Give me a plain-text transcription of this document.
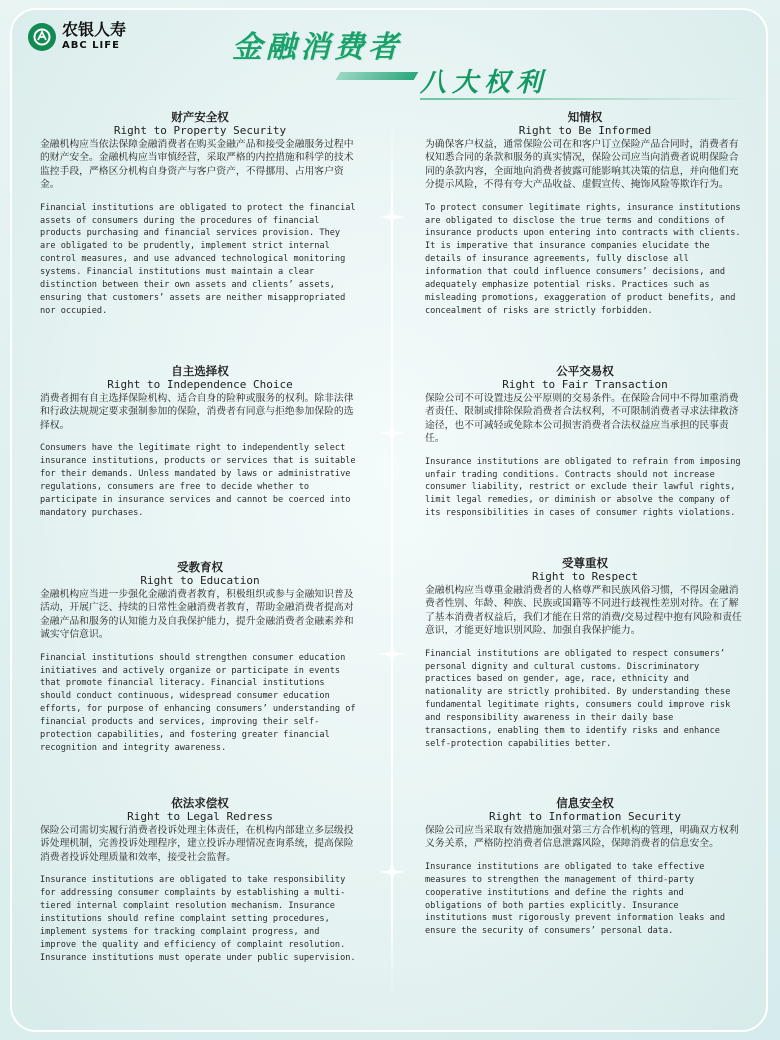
农银人寿
ABC LIFE	金融消费者
八大权利
财产安全权
Right to Property Security

金融机构应当依法保障金融消费者在购买金融产品和接受金融服务过程中的财产安全。金融机构应当审慎经营，采取严格的内控措施和科学的技术监控手段，严格区分机构自身资产与客户资产，不得挪用、占用客户资金。

Financial institutions are obligated to protect the financial assets of consumers during the procedures of financial products purchasing and financial services provision. They are obligated to be prudently, implement strict internal control measures, and use advanced technological monitoring systems. Financial institutions must maintain a clear distinction between their own assets and clients’ assets, ensuring that customers’ assets are neither misappropriated nor occupied.

知情权
Right to Be Informed

为确保客户权益，通常保险公司在和客户订立保险产品合同时，消费者有权知悉合同的条款和服务的真实情况，保险公司应当向消费者说明保险合同的条款内容，全面地向消费者披露可能影响其决策的信息，并向他们充分提示风险，不得有夸大产品收益、虚假宣传、掩饰风险等欺诈行为。

To protect consumer legitimate rights, insurance institutions are obligated to disclose the true terms and conditions of insurance products upon entering into contracts with clients. It is imperative that insurance companies elucidate the details of insurance agreements, fully disclose all information that could influence consumers’ decisions, and adequately emphasize potential risks. Practices such as misleading promotions, exaggeration of product benefits, and concealment of risks are strictly forbidden.

自主选择权
Right to Independence Choice

消费者拥有自主选择保险机构、适合自身的险种或服务的权利。除非法律和行政法规规定要求强制参加的保险，消费者有同意与拒绝参加保险的选择权。

Consumers have the legitimate right to independently select insurance institutions, products or services that is suitable for their demands. Unless mandated by laws or administrative regulations, consumers are free to decide whether to participate in insurance services and cannot be coerced into mandatory purchases.

公平交易权
Right to Fair Transaction

保险公司不可设置违反公平原则的交易条件。在保险合同中不得加重消费者责任、限制或排除保险消费者合法权利，不可限制消费者寻求法律救济途径，也不可减轻或免除本公司损害消费者合法权益应当承担的民事责任。

Insurance institutions are obligated to refrain from imposing unfair trading conditions. Contracts should not increase consumer liability, restrict or exclude their lawful rights, limit legal remedies, or diminish or absolve the company of its responsibilities in cases of consumer rights violations.

受教育权
Right to Education

金融机构应当进一步强化金融消费者教育，积极组织或参与金融知识普及活动，开展广泛、持续的日常性金融消费者教育，帮助金融消费者提高对金融产品和服务的认知能力及自我保护能力，提升金融消费者金融素养和诚实守信意识。

Financial institutions should strengthen consumer education initiatives and actively organize or participate in events that promote financial literacy. Financial institutions should conduct continuous, widespread consumer education efforts, for purpose of enhancing consumers’ understanding of financial products and services, improving their self-protection capabilities, and fostering greater financial recognition and integrity awareness.

受尊重权
Right to Respect

金融机构应当尊重金融消费者的人格尊严和民族风俗习惯，不得因金融消费者性别、年龄、种族、民族或国籍等不同进行歧视性差别对待。在了解了基本消费者权益后，我们才能在日常的消费/交易过程中抱有风险和责任意识，才能更好地识别风险、加强自我保护能力。

Financial institutions are obligated to respect consumers’ personal dignity and cultural customs. Discriminatory practices based on gender, age, race, ethnicity and nationality are strictly prohibited. By understanding these fundamental legitimate rights, consumers could improve risk and responsibility awareness in their daily base transactions, enabling them to identify risks and enhance self-protection capabilities better.

依法求偿权
Right to Legal Redress

保险公司需切实履行消费者投诉处理主体责任，在机构内部建立多层级投诉处理机制，完善投诉处理程序，建立投诉办理情况查询系统，提高保险消费者投诉处理质量和效率，接受社会监督。

Insurance institutions are obligated to take responsibility for addressing consumer complaints by establishing a multi-tiered internal complaint resolution mechanism. Insurance institutions should refine complaint setting procedures, implement systems for tracking complaint progress, and improve the quality and efficiency of complaint resolution. Insurance institutions must operate under public supervision.

信息安全权
Right to Information Security

保险公司应当采取有效措施加强对第三方合作机构的管理，明确双方权利义务关系，严格防控消费者信息泄露风险，保障消费者的信息安全。

Insurance institutions are obligated to take effective measures to strengthen the management of third-party cooperative institutions and define the rights and obligations of both parties explicitly. Insurance institutions must rigorously prevent information leaks and ensure the security of consumers’ personal data.
